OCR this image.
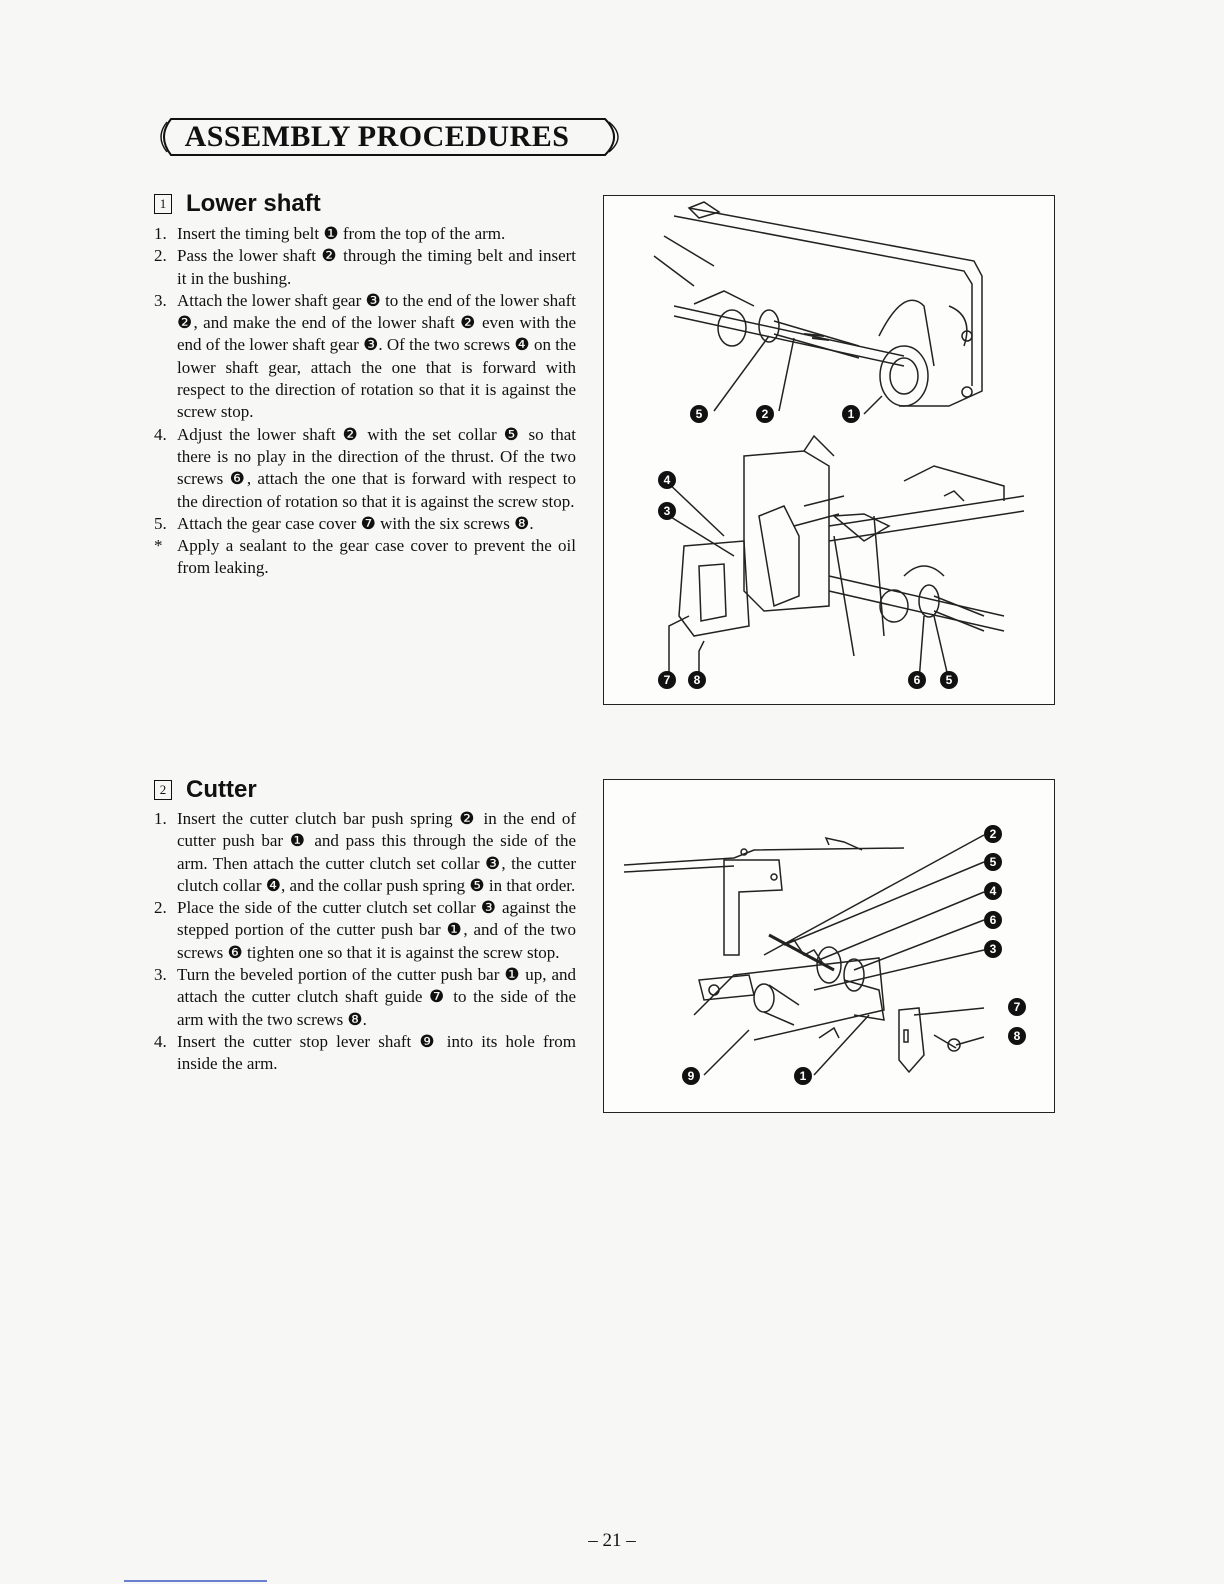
ASSEMBLY PROCEDURES
1 Lower shaft
1. Insert the timing belt ❶ from the top of the arm.
2. Pass the lower shaft ❷ through the timing belt and insert it in the bushing.
3. Attach the lower shaft gear ❸ to the end of the lower shaft ❷, and make the end of the lower shaft ❷ even with the end of the lower shaft gear ❸. Of the two screws ❹ on the lower shaft gear, attach the one that is forward with respect to the direction of rotation so that it is against the screw stop.
4. Adjust the lower shaft ❷ with the set collar ❺ so that there is no play in the direction of the thrust. Of the two screws ❻, attach the one that is forward with respect to the direction of rotation so that it is against the screw stop.
5. Attach the gear case cover ❼ with the six screws ❽.
* Apply a sealant to the gear case cover to prevent the oil from leaking.
5	2	1
4
3
7	8	6	5
2 Cutter
1. Insert the cutter clutch bar push spring ❷ in the end of cutter push bar ❶ and pass this through the side of the arm. Then attach the cutter clutch set collar ❸, the cutter clutch collar ❹, and the collar push spring ❺ in that order.
2. Place the side of the cutter clutch set collar ❸ against the stepped portion of the cutter push bar ❶, and of the two screws ❻ tighten one so that it is against the screw stop.
3. Turn the beveled portion of the cutter push bar ❶ up, and attach the cutter clutch shaft guide ❼ to the side of the arm with the two screws ❽.
4. Insert the cutter stop lever shaft ❾ into its hole from inside the arm.
2
5
4
6
3
7
8
9	1
– 21 –
